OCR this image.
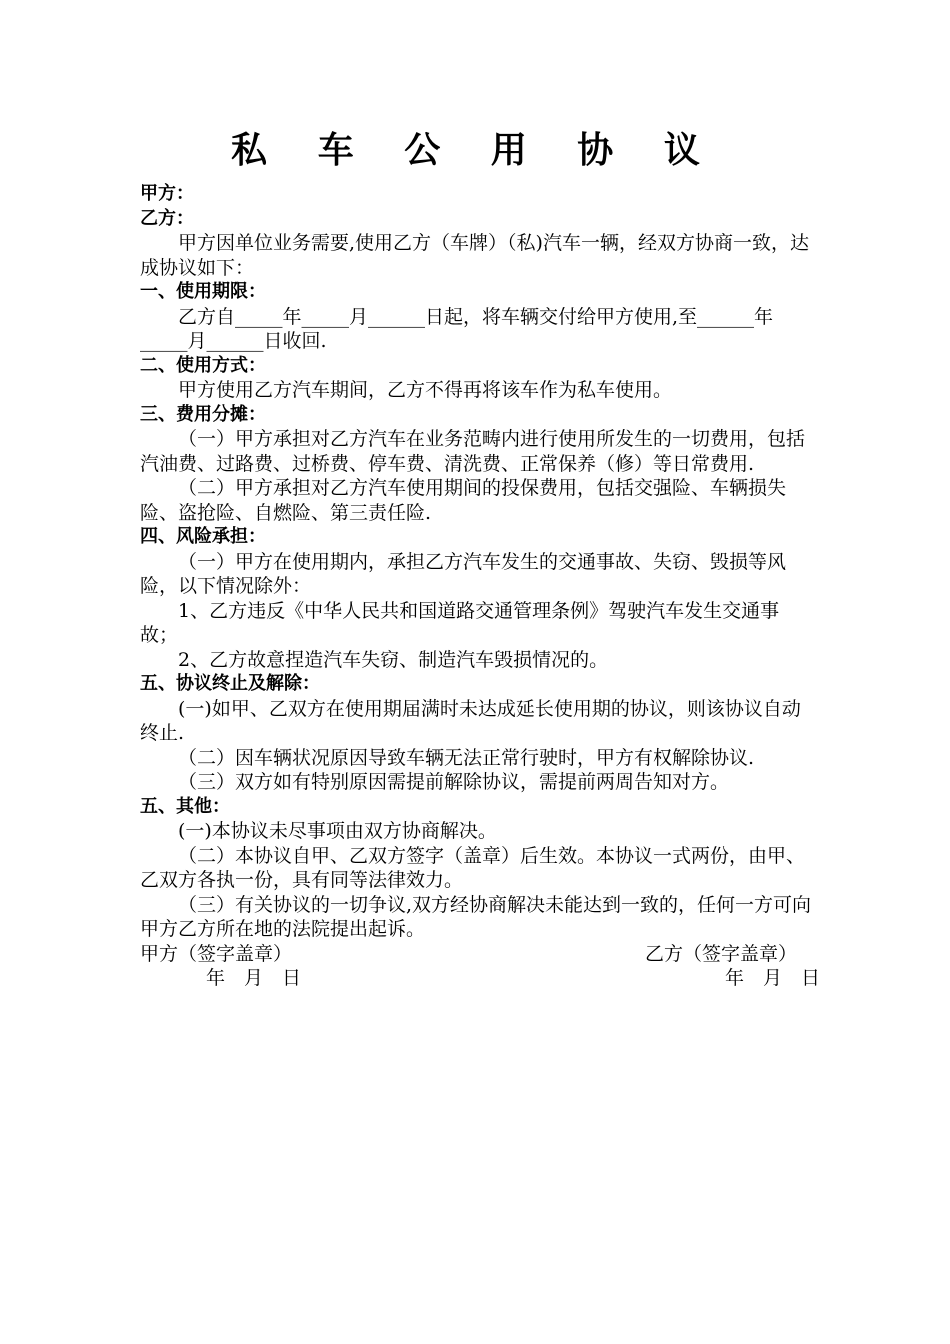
私 车 公 用 协 议
甲方：
乙方：
甲方因单位业务需要,使用乙方（车牌）（私)汽车一辆，经双方协商一致，达成协议如下：
一、使用期限：
乙方自_____年_____月______日起，将车辆交付给甲方使用,至______年_____月______日收回.
二、使用方式：
甲方使用乙方汽车期间，乙方不得再将该车作为私车使用。
三、费用分摊：
（一）甲方承担对乙方汽车在业务范畴内进行使用所发生的一切费用，包括汽油费、过路费、过桥费、停车费、清洗费、正常保养（修）等日常费用.
（二）甲方承担对乙方汽车使用期间的投保费用，包括交强险、车辆损失险、盗抢险、自燃险、第三责任险.
四、风险承担：
（一）甲方在使用期内，承担乙方汽车发生的交通事故、失窃、毁损等风险，以下情况除外：
1、乙方违反《中华人民共和国道路交通管理条例》驾驶汽车发生交通事故；
2、乙方故意捏造汽车失窃、制造汽车毁损情况的。
五、协议终止及解除：
(一)如甲、乙双方在使用期届满时未达成延长使用期的协议，则该协议自动终止.
（二）因车辆状况原因导致车辆无法正常行驶时，甲方有权解除协议.
（三）双方如有特别原因需提前解除协议，需提前两周告知对方。
五、其他：
(一)本协议未尽事项由双方协商解决。
（二）本协议自甲、乙双方签字（盖章）后生效。本协议一式两份，由甲、乙双方各执一份，具有同等法律效力。
（三）有关协议的一切争议,双方经协商解决未能达到一致的，任何一方可向甲方乙方所在地的法院提出起诉。
甲方（签字盖章）
年　月　日
乙方（签字盖章）
年　月　日
